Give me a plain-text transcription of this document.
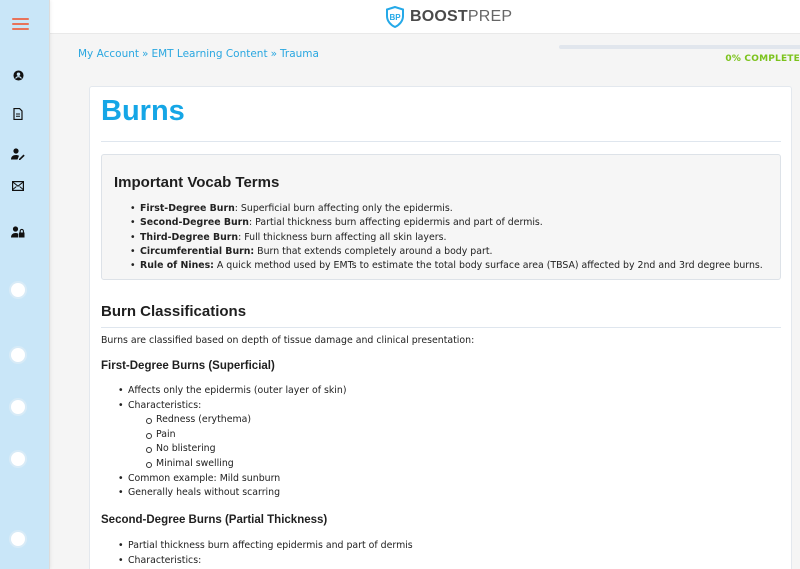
BP BOOSTPREP
My Account » EMT Learning Content » Trauma	0% COMPLETE
Burns
Important Vocab Terms
• First-Degree Burn: Superficial burn affecting only the epidermis.
• Second-Degree Burn: Partial thickness burn affecting epidermis and part of dermis.
• Third-Degree Burn: Full thickness burn affecting all skin layers.
• Circumferential Burn: Burn that extends completely around a body part.
• Rule of Nines: A quick method used by EMTs to estimate the total body surface area (TBSA) affected by 2nd and 3rd degree burns.
Burn Classifications

Burns are classified based on depth of tissue damage and clinical presentation:

First-Degree Burns (Superficial)
• Affects only the epidermis (outer layer of skin)
• Characteristics:
Redness (erythema)
Pain
No blistering
Minimal swelling
• Common example: Mild sunburn
• Generally heals without scarring
Second-Degree Burns (Partial Thickness)
• Partial thickness burn affecting epidermis and part of dermis
• Characteristics:
